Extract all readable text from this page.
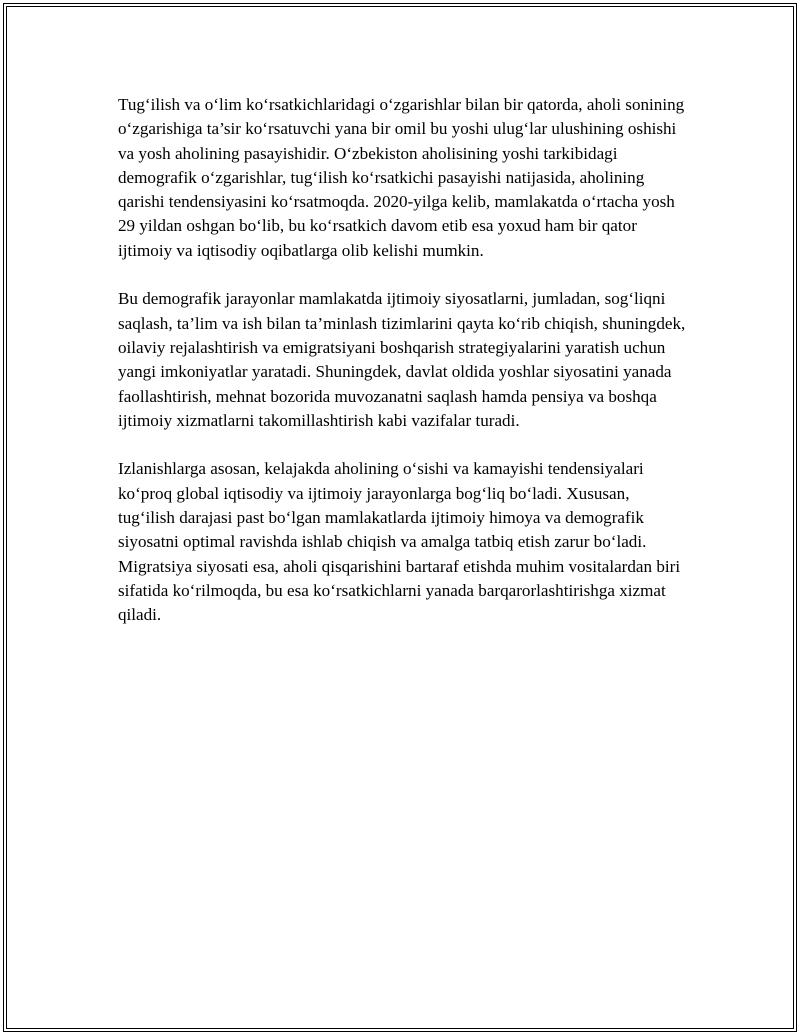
Tug‘ilish va o‘lim ko‘rsatkichlaridagi o‘zgarishlar bilan bir qatorda, aholi sonining o‘zgarishiga ta’sir ko‘rsatuvchi yana bir omil bu yoshi ulug‘lar ulushining oshishi va yosh aholining pasayishidir. O‘zbekiston aholisining yoshi tarkibidagi demografik o‘zgarishlar, tug‘ilish ko‘rsatkichi pasayishi natijasida, aholining qarishi tendensiyasini ko‘rsatmoqda. 2020-yilga kelib, mamlakatda o‘rtacha yosh 29 yildan oshgan bo‘lib, bu ko‘rsatkich davom etib esa yoxud ham bir qator ijtimoiy va iqtisodiy oqibatlarga olib kelishi mumkin.

Bu demografik jarayonlar mamlakatda ijtimoiy siyosatlarni, jumladan, sog‘liqni saqlash, ta’lim va ish bilan ta’minlash tizimlarini qayta ko‘rib chiqish, shuningdek, oilaviy rejalashtirish va emigratsiyani boshqarish strategiyalarini yaratish uchun yangi imkoniyatlar yaratadi. Shuningdek, davlat oldida yoshlar siyosatini yanada faollashtirish, mehnat bozorida muvozanatni saqlash hamda pensiya va boshqa ijtimoiy xizmatlarni takomillashtirish kabi vazifalar turadi.

Izlanishlarga asosan, kelajakda aholining o‘sishi va kamayishi tendensiyalari ko‘proq global iqtisodiy va ijtimoiy jarayonlarga bog‘liq bo‘ladi. Xususan, tug‘ilish darajasi past bo‘lgan mamlakatlarda ijtimoiy himoya va demografik siyosatni optimal ravishda ishlab chiqish va amalga tatbiq etish zarur bo‘ladi. Migratsiya siyosati esa, aholi qisqarishini bartaraf etishda muhim vositalardan biri sifatida ko‘rilmoqda, bu esa ko‘rsatkichlarni yanada barqarorlashtirishga xizmat qiladi.
